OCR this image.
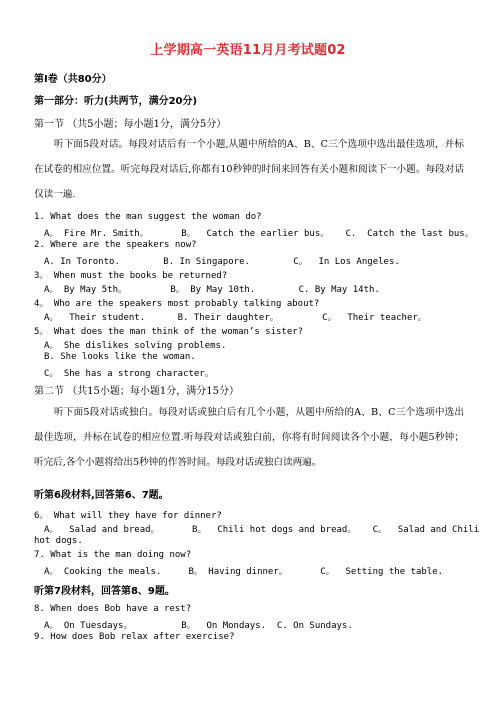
上学期高一英语11月月考试题02
第Ⅰ卷（共80分）
第一部分：听力(共两节，满分20分)
第一节 （共5小题；每小题1分，满分5分）
听下面5段对话。每段对话后有一个小题,从题中所给的A、B、C三个选项中选出最佳选项，并标在试卷的相应位置。听完每段对话后,你都有10秒钟的时间来回答有关小题和阅读下一小题。每段对话仅读一遍.
1. What does the man suggest the woman do?
A。 Fire Mr. Smith。      B。  Catch the earlier bus。   C.  Catch the last bus。
2. Where are the speakers now?
A. In Toronto.        B. In Singapore.        C。  In Los Angeles.
3。 When must the books be returned?
A。 By May 5th。        B。 By May 10th.        C. By May 14th.
4。 Who are the speakers most probably talking about?
A。  Their student.      B. Their daughter。        C。  Their teacher。
5。 What does the man think of the woman’s sister?
A。 She dislikes solving problems.
B. She looks like the woman.
C。 She has a strong character。
第二节 （共15小题；每小题1分，满分15分）
听下面5段对话或独白。每段对话或独白后有几个小题，从题中所给的A、B、C三个选项中选出最佳选项，并标在试卷的相应位置.听每段对话或独白前，你将有时间阅读各个小题，每小题5秒钟；听完后,各个小题将给出5秒钟的作答时间。每段对话或独白读两遍。
听第6段材料,回答第6、7题。
6。 What will they have for dinner?
A。  Salad and bread。      B。  Chili hot dogs and bread。   C。  Salad and Chili
hot dogs.
7. What is the man doing now?
A。 Cooking the meals.     B。 Having dinner。      C。  Setting the table.
听第7段材料，回答第8、9题。
8. When does Bob have a rest?
A。 On Tuesdays。         B。  On Mondays.  C. On Sundays.
9. How does Bob relax after exercise?
